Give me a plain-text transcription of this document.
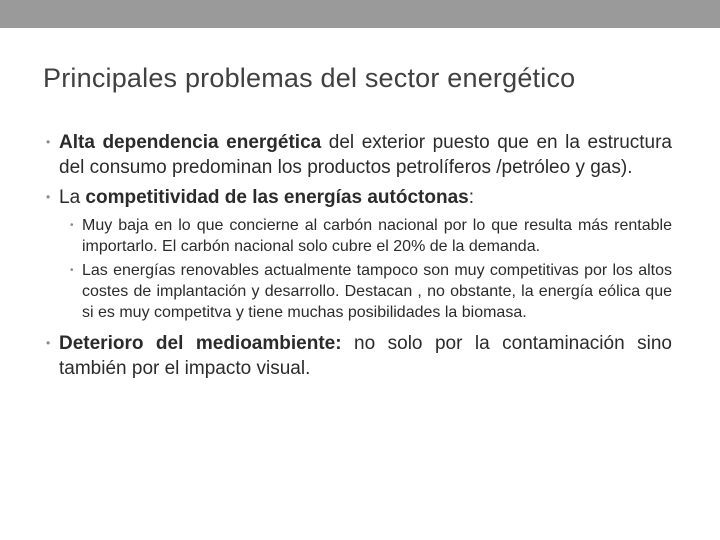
Principales problemas del sector energético
• Alta dependencia energética del exterior puesto que en la estructura del consumo predominan los productos petrolíferos /petróleo y gas).
• La competitividad de las energías autóctonas:
• Muy baja en lo que concierne al carbón nacional por lo que resulta más rentable importarlo. El carbón nacional solo cubre el 20% de la demanda.
• Las energías renovables actualmente tampoco son muy competitivas por los altos costes de implantación y desarrollo. Destacan , no obstante, la energía eólica que si es muy competitva y tiene muchas posibilidades la biomasa.
• Deterioro del medioambiente: no solo por la contaminación sino también por el impacto visual.
